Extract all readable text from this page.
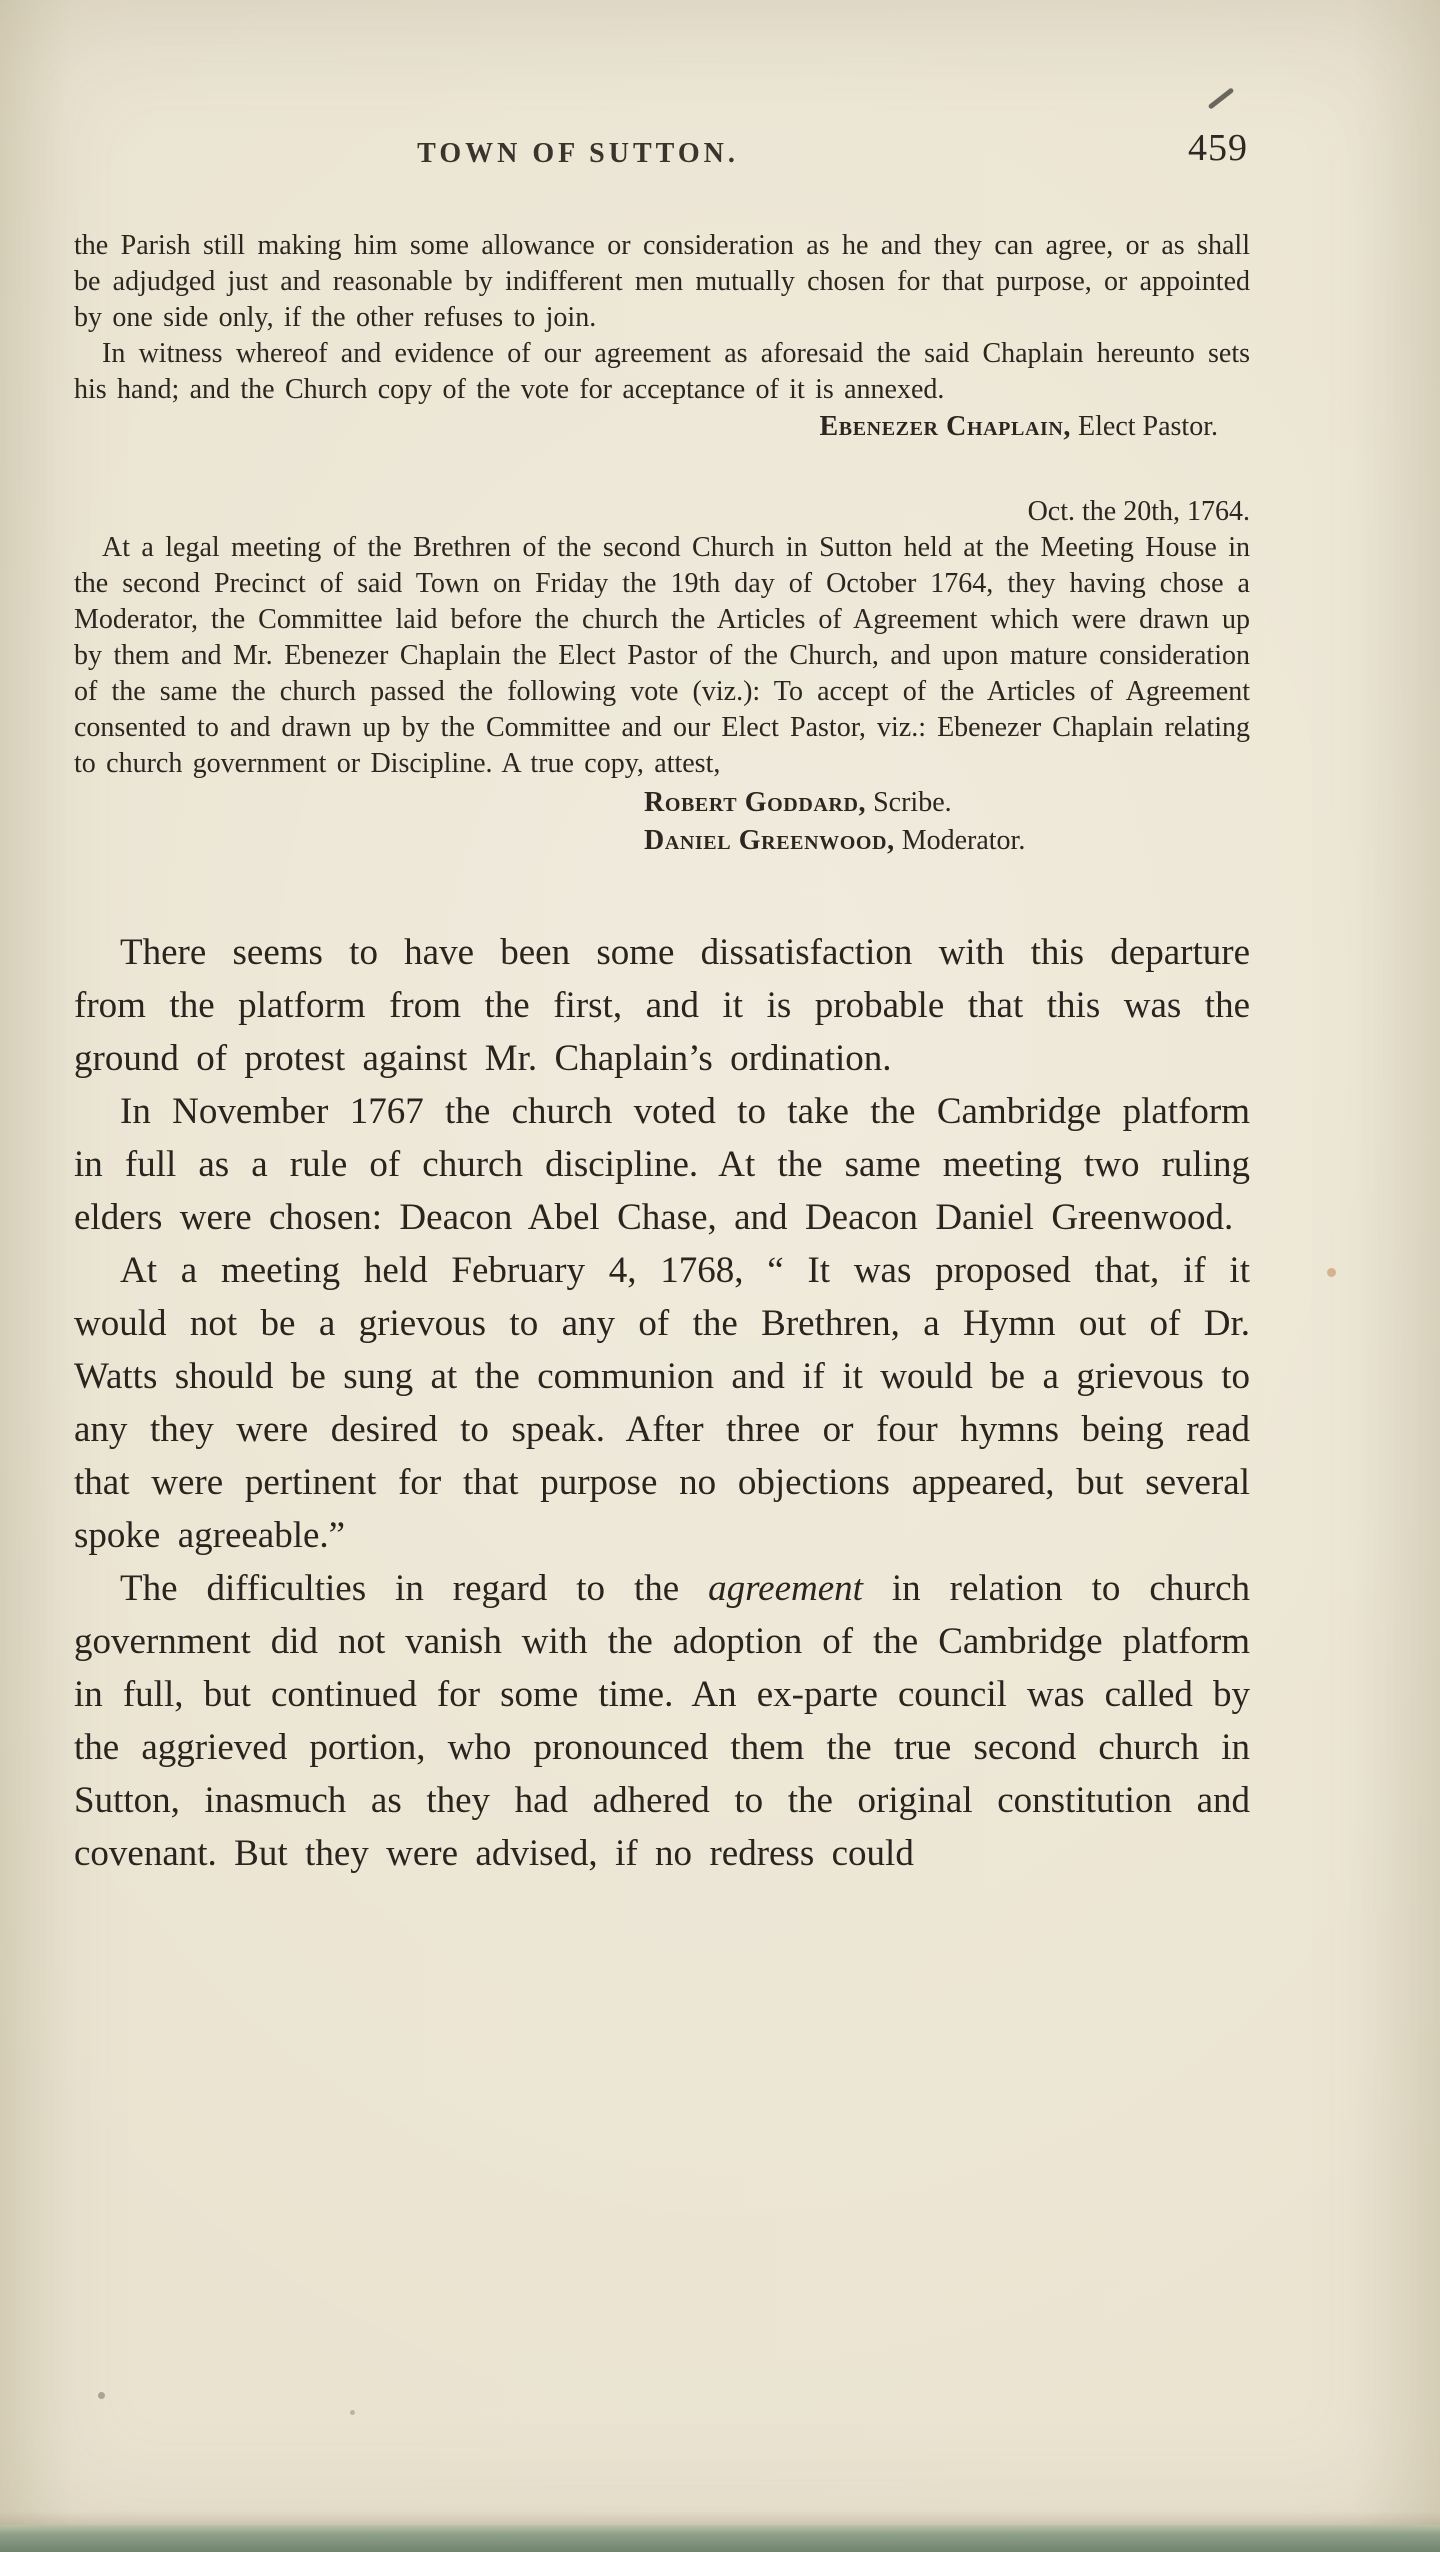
TOWN OF SUTTON.	459

the Parish still making him some allowance or consideration as he and they can agree, or as shall be adjudged just and reasonable by indifferent men mutually chosen for that purpose, or appointed by one side only, if the other refuses to join.

In witness whereof and evidence of our agreement as aforesaid the said Chaplain hereunto sets his hand; and the Church copy of the vote for acceptance of it is annexed.

Ebenezer Chaplain, Elect Pastor.
Oct. the 20th, 1764.

At a legal meeting of the Brethren of the second Church in Sutton held at the Meeting House in the second Precinct of said Town on Friday the 19th day of October 1764, they having chose a Moderator, the Committee laid before the church the Articles of Agreement which were drawn up by them and Mr. Ebenezer Chaplain the Elect Pastor of the Church, and upon mature consideration of the same the church passed the following vote (viz.): To accept of the Articles of Agreement consented to and drawn up by the Committee and our Elect Pastor, viz.: Ebenezer Chaplain relating to church government or Discipline. A true copy, attest,

Robert Goddard, Scribe.
Daniel Greenwood, Moderator.

There seems to have been some dissatisfaction with this departure from the platform from the first, and it is probable that this was the ground of protest against Mr. Chaplain’s ordination.

In November 1767 the church voted to take the Cambridge platform in full as a rule of church discipline. At the same meeting two ruling elders were chosen: Deacon Abel Chase, and Deacon Daniel Greenwood.

At a meeting held February 4, 1768, “ It was proposed that, if it would not be a grievous to any of the Brethren, a Hymn out of Dr. Watts should be sung at the communion and if it would be a grievous to any they were desired to speak. After three or four hymns being read that were pertinent for that purpose no objections appeared, but several spoke agreeable.”

The difficulties in regard to the agreement in relation to church government did not vanish with the adoption of the Cambridge platform in full, but continued for some time. An ex-parte council was called by the aggrieved portion, who pronounced them the true second church in Sutton, inasmuch as they had adhered to the original constitution and covenant. But they were advised, if no redress could
